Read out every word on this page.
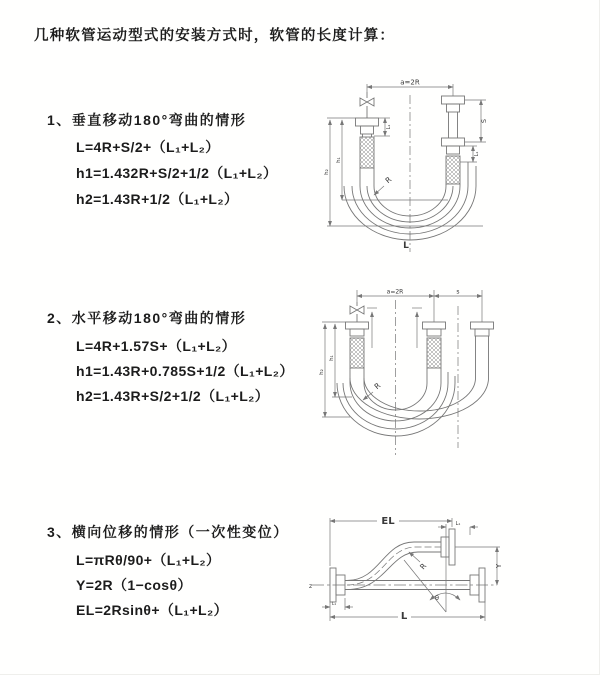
几种软管运动型式的安装方式时，软管的长度计算：
1、垂直移动180°弯曲的情形
L=4R+S/2+（L₁+L₂）
h1=1.432R+S/2+1/2（L₁+L₂）
h2=1.43R+1/2（L₁+L₂）
2、水平移动180°弯曲的情形
L=4R+1.57S+（L₁+L₂）
h1=1.43R+0.785S+1/2（L₁+L₂）
h2=1.43R+S/2+1/2（L₁+L₂）
3、横向位移的情形（一次性变位）
L=πRθ/90+（L₁+L₂）
Y=2R（1−cosθ）
EL=2Rsinθ+（L₁+L₂）
a=2R
S
L₁
L₁
h₁
h₂
R
L
a=2R	s
h₁
h₂
R
EL	L₁
Y
R
θ
L
L₁
z
